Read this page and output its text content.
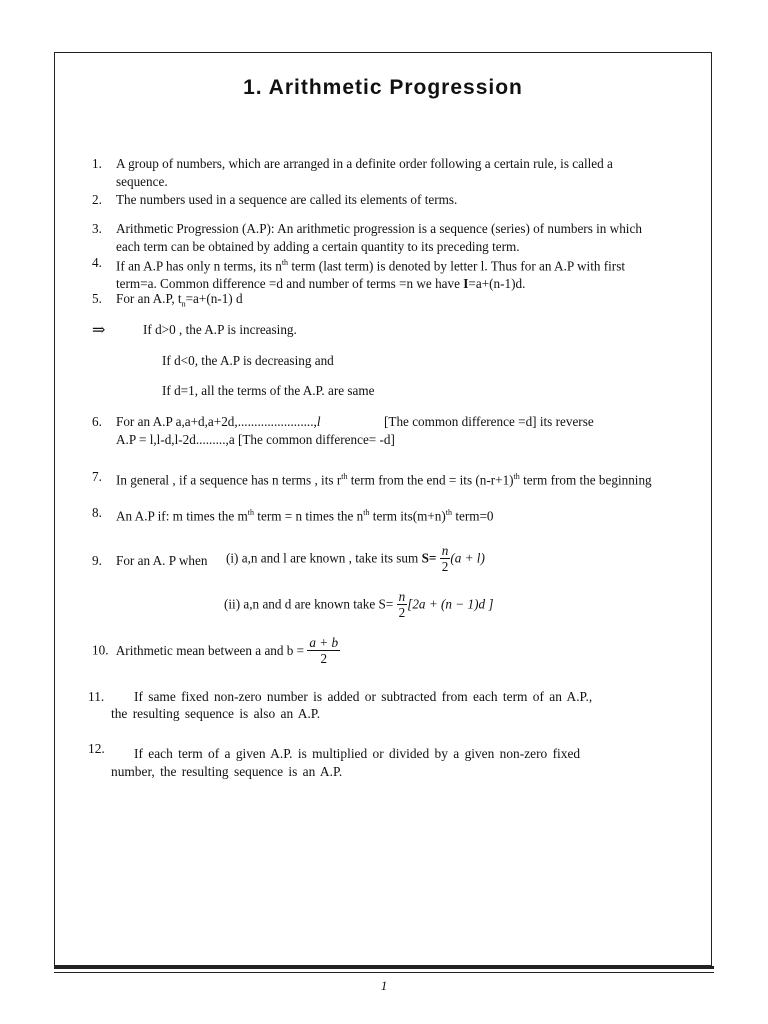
1. Arithmetic Progression
1. A group of numbers, which are arranged in a definite order following a certain rule, is called a sequence.
2. The numbers used in a sequence are called its elements of terms.
3. Arithmetic Progression (A.P): An arithmetic progression is a sequence (series) of numbers in which each term can be obtained by adding a certain quantity to its preceding term.
4. If an A.P has only n terms, its $n^{th}$ term (last term) is denoted by letter l. Thus for an A.P with first term=a. Common difference =d and number of terms =n we have I=a+(n-1)d.
5. For an A.P, $t_n=a+(n-1)$ d
⇒	If d>0 , the A.P is increasing.
If d<0, the A.P is decreasing and
If d=1, all the terms of the A.P. are same
6. For an A.P a,a+d,a+2d,.......................,l	[The common difference =d] its reverse
A.P = l,l-d,l-2d.........,a [The common difference= -d]
7. In general , if a sequence has n terms , its $r^{th}$ term from the end = its $(n-r+1)^{th}$ term from the beginning
8. An A.P if: m times the $m^{th}$ term = n times the $n^{th}$ term $its(m+n)^{th}$ term=0
9. For an A. P when (i) a,n and l are known , take its sum $S= \frac{n}{2} (a + l)$
(ii) a,n and d are known take $S= \frac{n}{2} [2a + (n - 1)d$ ]
10. Arithmetic mean between a and $b = \frac{a + b}{2}$
11. If same fixed non-zero number is added or subtracted from each term of an A.P.,
the resulting sequence is also an A.P.
12. If each term of a given A.P. is multiplied or divided by a given non-zero fixed
number, the resulting sequence is an A.P.
1
